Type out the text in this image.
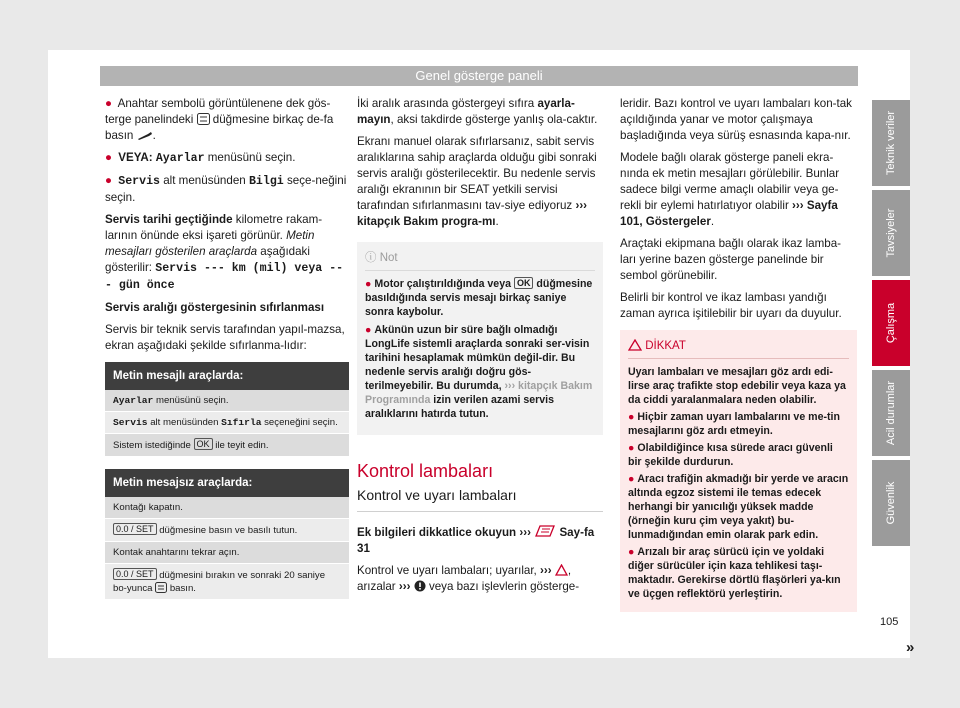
Genel gösterge paneli

● Anahtar sembolü görüntülenene dek gös-terge panelindeki düğmesine birkaç de-fa basın .

● VEYA: Ayarlar menüsünü seçin.

● Servis alt menüsünden Bilgi seçe-neğini seçin.

Servis tarihi geçtiğinde kilometre rakam-larının önünde eksi işareti görünür. Metin mesajları gösterilen araçlarda aşağıdaki gösterilir: Servis --- km (mil) veya --- gün önce

Servis aralığı göstergesinin sıfırlanması

Servis bir teknik servis tarafından yapıl-mazsa, ekran aşağıdaki şekilde sıfırlanma-lıdır:

Metin mesajlı araçlarda:
Ayarlar menüsünü seçin.
Servis alt menüsünden Sıfırla seçeneğini seçin.
Sistem istediğinde OK ile teyit edin.
Metin mesajsız araçlarda:
Kontağı kapatın.
0.0 / SET düğmesine basın ve basılı tutun.
Kontak anahtarını tekrar açın.
0.0 / SET düğmesini bırakın ve sonraki 20 saniye bo-yunca basın.

İki aralık arasında göstergeyi sıfıra ayarla-mayın, aksi takdirde gösterge yanlış ola-caktır.

Ekranı manuel olarak sıfırlarsanız, sabit servis aralıklarına sahip araçlarda olduğu gibi sonraki servis aralığı gösterilecektir. Bu nedenle servis aralığı ekranının bir SEAT yetkili servisi tarafından sıfırlanmasını tav-siye ediyoruz ››› kitapçık Bakım progra-mı.

ⓘ Not

● Motor çalıştırıldığında veya OK düğmesine basıldığında servis mesajı birkaç saniye sonra kaybolur.

● Akünün uzun bir süre bağlı olmadığı LongLife sistemli araçlarda sonraki ser-visin tarihini hesaplamak mümkün değil-dir. Bu nedenle servis aralığı doğru gös-terilmeyebilir. Bu durumda, ››› kitapçık Bakım Programında izin verilen azami servis aralıklarını hatırda tutun.

Kontrol lambaları
Kontrol ve uyarı lambaları

Ek bilgileri dikkatlice okuyun ››› Say-fa 31

Kontrol ve uyarı lambaları; uyarılar, ››› , arızalar ›››  veya bazı işlevlerin gösterge-

leridir. Bazı kontrol ve uyarı lambaları kon-tak açıldığında yanar ve motor çalışmaya başladığında veya sürüş esnasında kapa-nır.

Modele bağlı olarak gösterge paneli ekra-nında ek metin mesajları görülebilir. Bunlar sadece bilgi verme amaçlı olabilir veya ge-rekli bir eylemi hatırlatıyor olabilir ››› Sayfa 101, Göstergeler.

Araçtaki ekipmana bağlı olarak ikaz lamba-ları yerine bazen gösterge panelinde bir sembol görünebilir.

Belirli bir kontrol ve ikaz lambası yandığı zaman ayrıca işitilebilir bir uyarı da duyulur.

DİKKAT

Uyarı lambaları ve mesajları göz ardı edi-lirse araç trafikte stop edebilir veya kaza ya da ciddi yaralanmalara neden olabilir.

● Hiçbir zaman uyarı lambalarını ve me-tin mesajlarını göz ardı etmeyin.

● Olabildiğince kısa sürede aracı güvenli bir şekilde durdurun.

● Aracı trafiğin akmadığı bir yerde ve aracın altında egzoz sistemi ile temas edecek herhangi bir yanıcılığı yüksek madde (örneğin kuru çim veya yakıt) bu-lunmadığından emin olarak park edin.

● Arızalı bir araç sürücü için ve yoldaki diğer sürücüler için kaza tehlikesi taşı-maktadır. Gerekirse dörtlü flaşörleri ya-kın ve üçgen reflektörü yerleştirin.

»
Teknik veriler
Tavsiyeler
Çalışma
Acil durumlar
Güvenlik
105
